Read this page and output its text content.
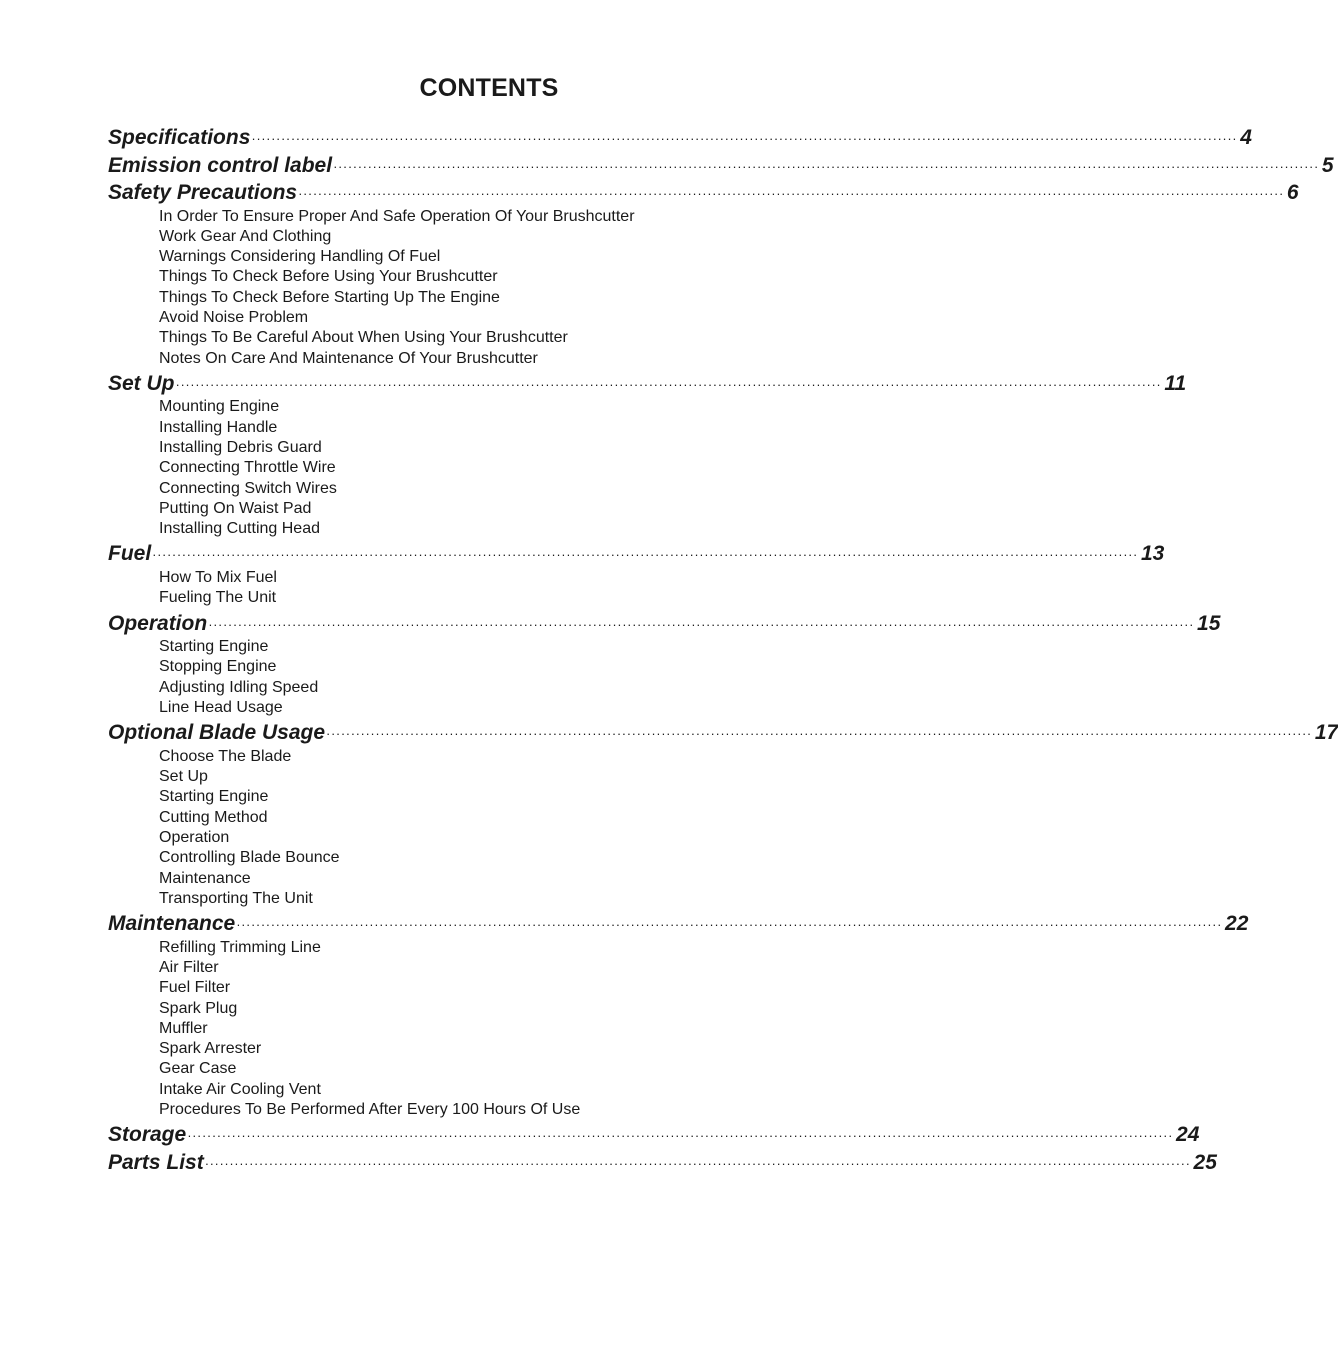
CONTENTS
Specifications ········································································································································································································ 4
Emission control label ········································································································································································································ 5
Safety Precautions ········································································································································································································ 6
In Order To Ensure Proper And Safe Operation Of Your Brushcutter
Work Gear And Clothing
Warnings Considering Handling Of Fuel
Things To Check Before Using Your Brushcutter
Things To Check Before Starting Up The Engine
Avoid Noise Problem
Things To Be Careful About When Using Your Brushcutter
Notes On Care And Maintenance Of Your Brushcutter
Set Up ········································································································································································································ 11
Mounting Engine
Installing Handle
Installing Debris Guard
Connecting Throttle Wire
Connecting Switch Wires
Putting On Waist Pad
Installing Cutting Head
Fuel ········································································································································································································ 13
How To Mix Fuel
Fueling The Unit
Operation ········································································································································································································ 15
Starting Engine
Stopping Engine
Adjusting Idling Speed
Line Head Usage
Optional Blade Usage ········································································································································································································ 17
Choose The Blade
Set Up
Starting Engine
Cutting Method
Operation
Controlling Blade Bounce
Maintenance
Transporting The Unit
Maintenance ········································································································································································································ 22
Refilling Trimming Line
Air Filter
Fuel Filter
Spark Plug
Muffler
Spark Arrester
Gear Case
Intake Air Cooling Vent
Procedures To Be Performed After Every 100 Hours Of Use
Storage ········································································································································································································ 24
Parts List ········································································································································································································ 25
